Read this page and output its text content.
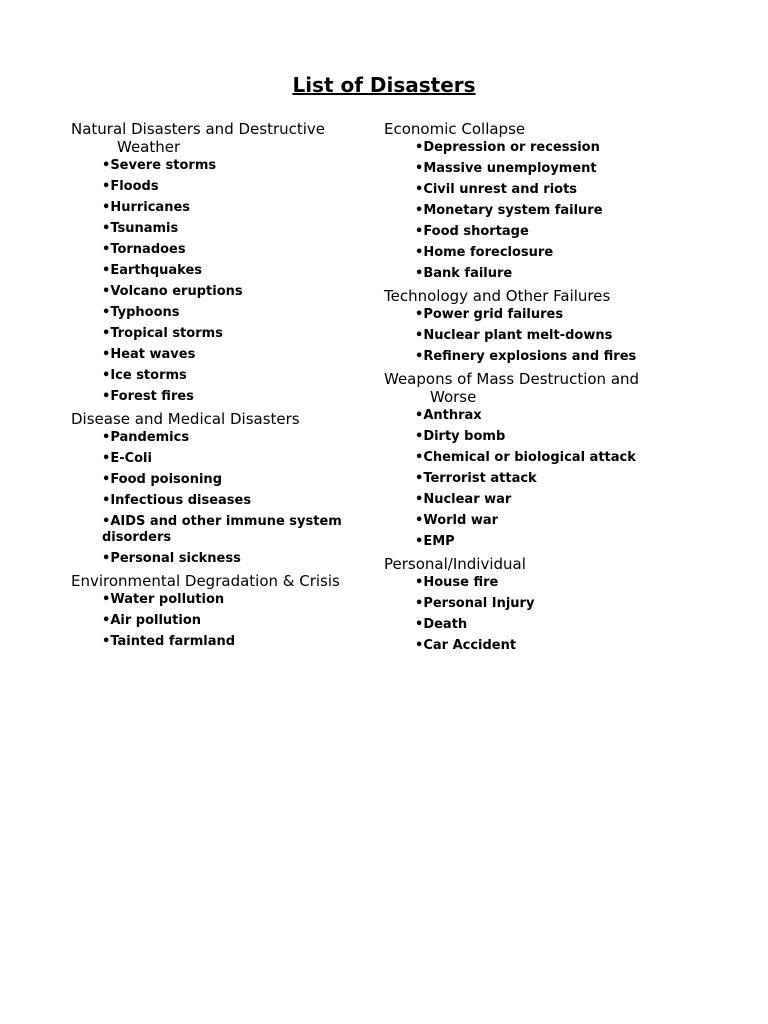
List of Disasters
Natural Disasters and Destructive Weather
•Severe storms
•Floods
•Hurricanes
•Tsunamis
•Tornadoes
•Earthquakes
•Volcano eruptions
•Typhoons
•Tropical storms
•Heat waves
•Ice storms
•Forest fires
Disease and Medical Disasters
•Pandemics
•E-Coli
•Food poisoning
•Infectious diseases
•AIDS and other immune system disorders
•Personal sickness
Environmental Degradation & Crisis
•Water pollution
•Air pollution
•Tainted farmland
Economic Collapse
•Depression or recession
•Massive unemployment
•Civil unrest and riots
•Monetary system failure
•Food shortage
•Home foreclosure
•Bank failure
Technology and Other Failures
•Power grid failures
•Nuclear plant melt-downs
•Refinery explosions and fires
Weapons of Mass Destruction and Worse
•Anthrax
•Dirty bomb
•Chemical or biological attack
•Terrorist attack
•Nuclear war
•World war
•EMP
Personal/Individual
•House fire
•Personal Injury
•Death
•Car Accident
